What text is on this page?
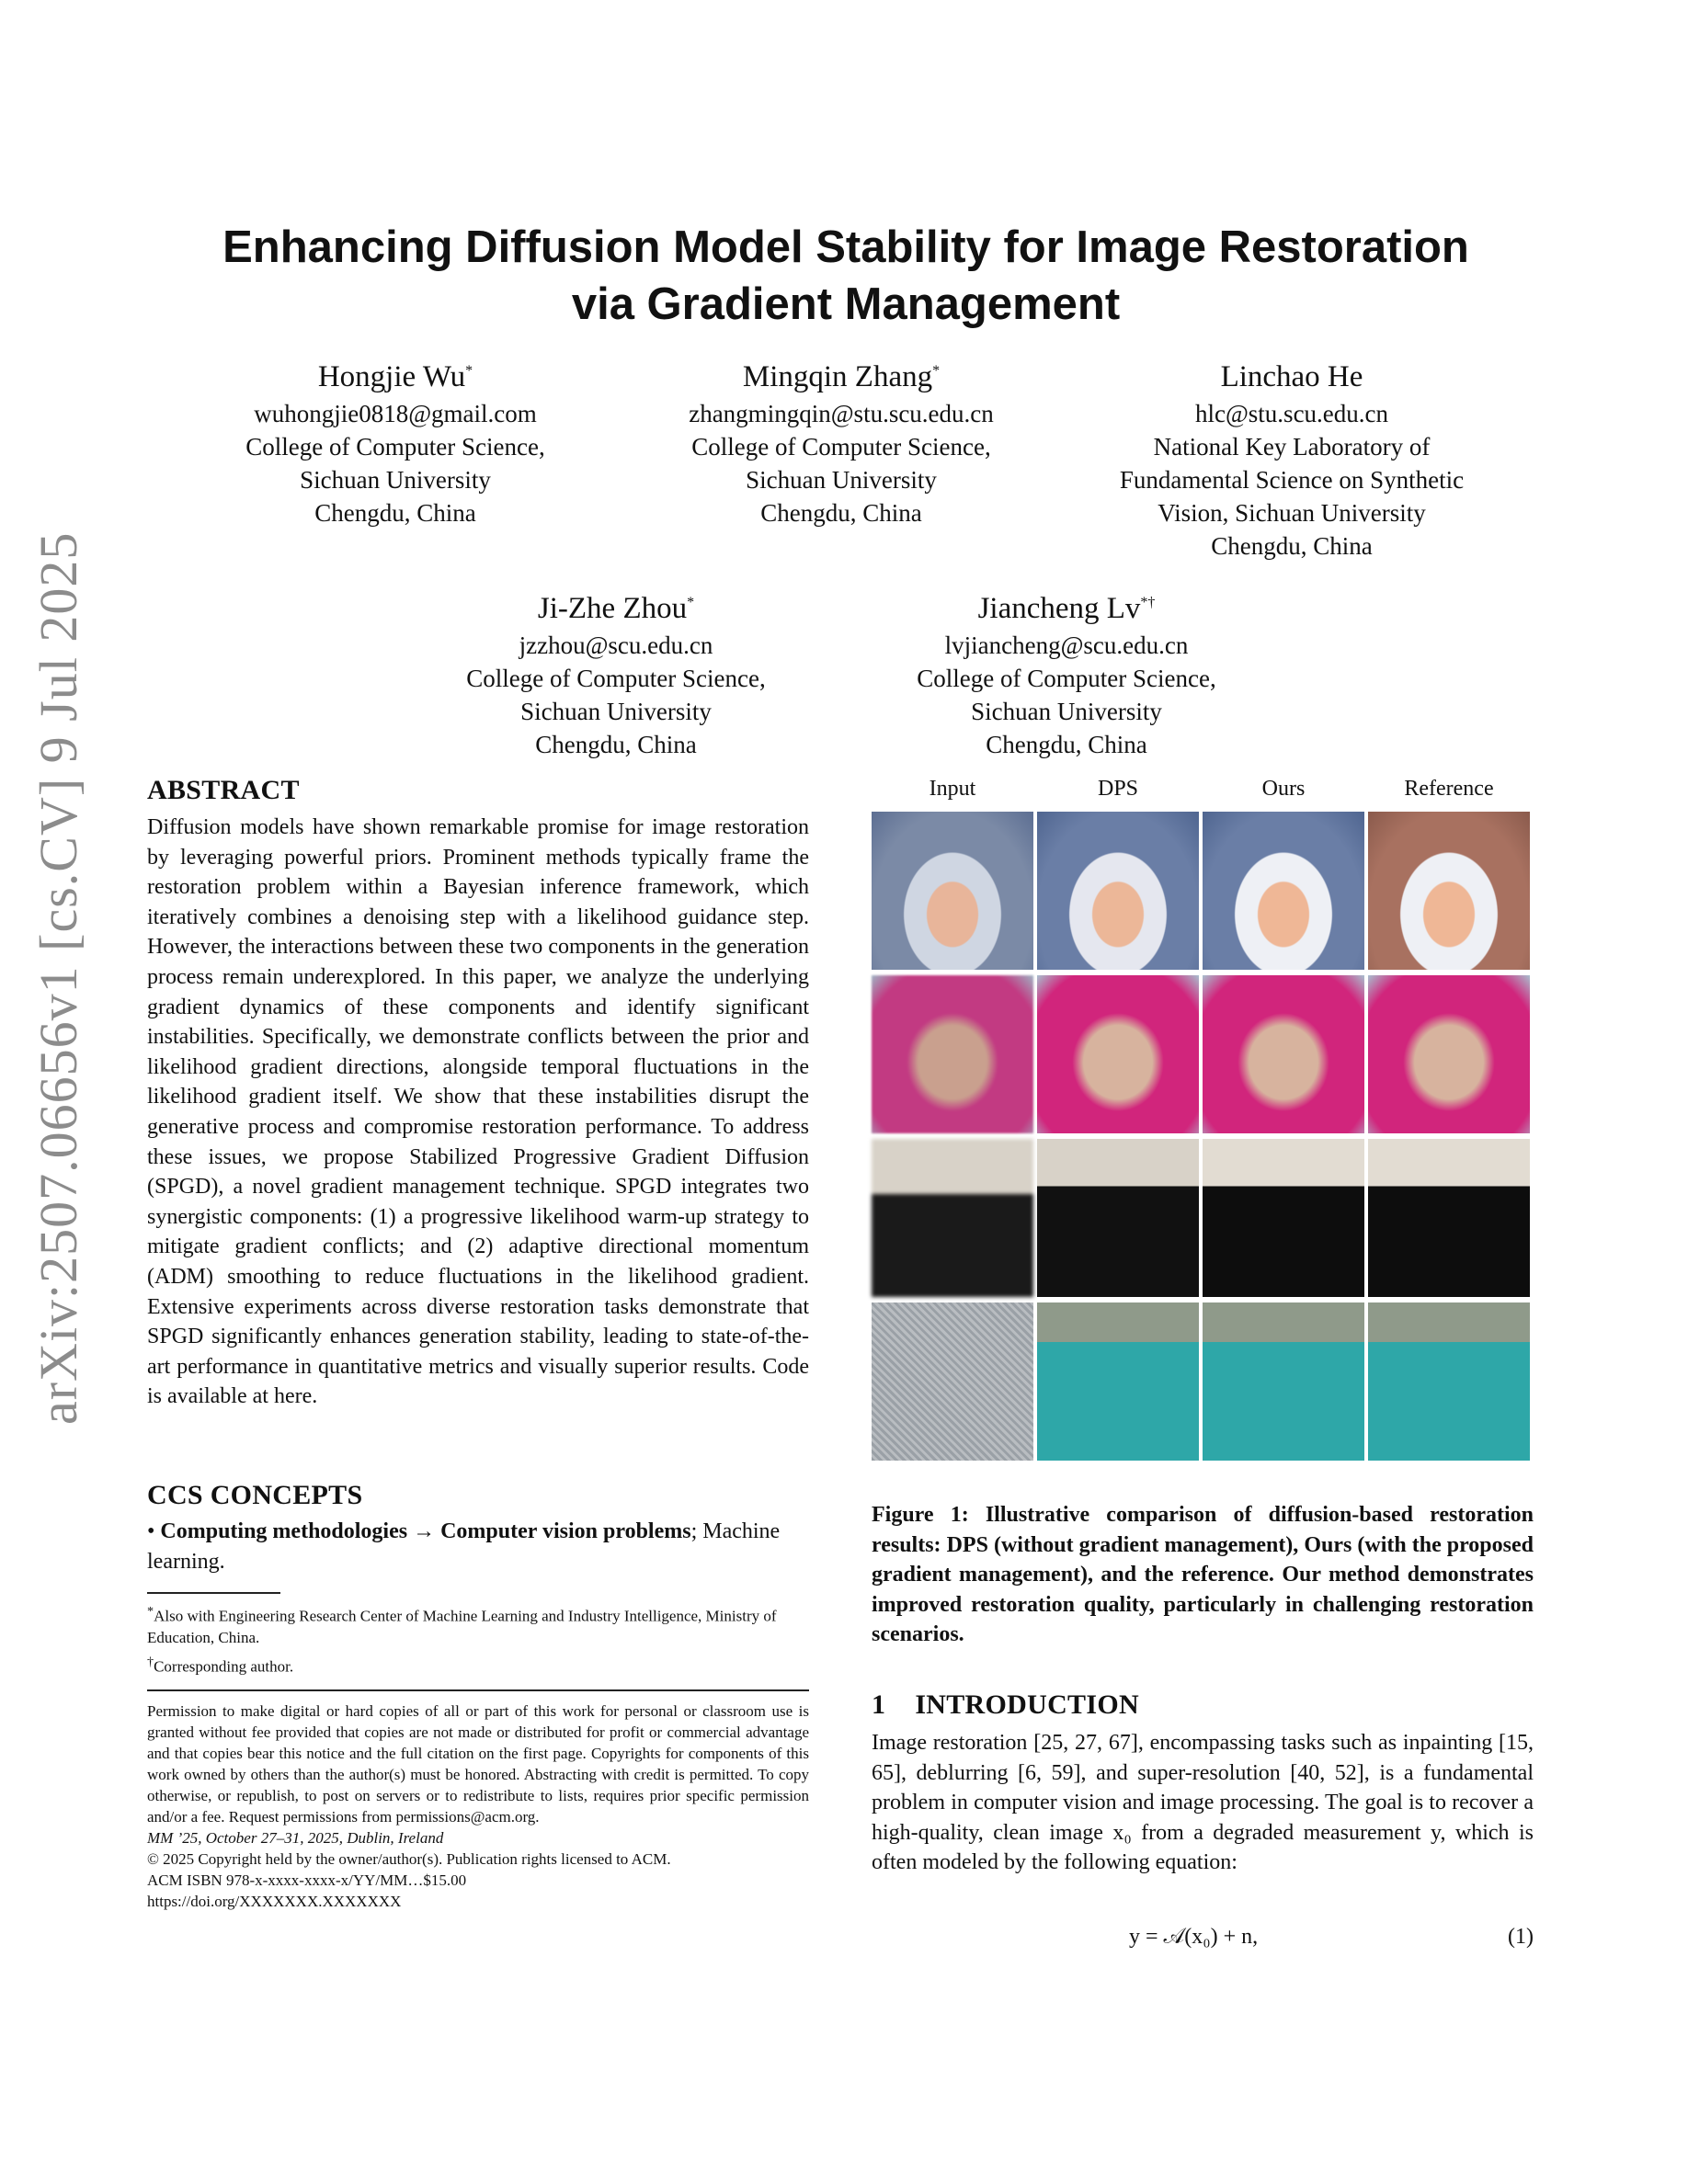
arXiv:2507.06656v1 [cs.CV] 9 Jul 2025
Enhancing Diffusion Model Stability for Image Restoration
via Gradient Management
Hongjie Wu*
wuhongjie0818@gmail.com
College of Computer Science,
Sichuan University
Chengdu, China
Mingqin Zhang*
zhangmingqin@stu.scu.edu.cn
College of Computer Science,
Sichuan University
Chengdu, China
Linchao He
hlc@stu.scu.edu.cn
National Key Laboratory of
Fundamental Science on Synthetic
Vision, Sichuan University
Chengdu, China
Ji-Zhe Zhou*
jzzhou@scu.edu.cn
College of Computer Science,
Sichuan University
Chengdu, China
Jiancheng Lv*†
lvjiancheng@scu.edu.cn
College of Computer Science,
Sichuan University
Chengdu, China
ABSTRACT
Diffusion models have shown remarkable promise for image restoration by leveraging powerful priors. Prominent methods typically frame the restoration problem within a Bayesian inference framework, which iteratively combines a denoising step with a likelihood guidance step. However, the interactions between these two components in the generation process remain underexplored. In this paper, we analyze the underlying gradient dynamics of these components and identify significant instabilities. Specifically, we demonstrate conflicts between the prior and likelihood gradient directions, alongside temporal fluctuations in the likelihood gradient itself. We show that these instabilities disrupt the generative process and compromise restoration performance. To address these issues, we propose Stabilized Progressive Gradient Diffusion (SPGD), a novel gradient management technique. SPGD integrates two synergistic components: (1) a progressive likelihood warm-up strategy to mitigate gradient conflicts; and (2) adaptive directional momentum (ADM) smoothing to reduce fluctuations in the likelihood gradient. Extensive experiments across diverse restoration tasks demonstrate that SPGD significantly enhances generation stability, leading to state-of-the-art performance in quantitative metrics and visually superior results. Code is available at here.
CCS CONCEPTS
• Computing methodologies → Computer vision problems; Machine learning.
*Also with Engineering Research Center of Machine Learning and Industry Intelligence, Ministry of Education, China.
†Corresponding author.
Permission to make digital or hard copies of all or part of this work for personal or classroom use is granted without fee provided that copies are not made or distributed for profit or commercial advantage and that copies bear this notice and the full citation on the first page. Copyrights for components of this work owned by others than the author(s) must be honored. Abstracting with credit is permitted. To copy otherwise, or republish, to post on servers or to redistribute to lists, requires prior specific permission and/or a fee. Request permissions from permissions@acm.org.
MM ’25, October 27–31, 2025, Dublin, Ireland
© 2025 Copyright held by the owner/author(s). Publication rights licensed to ACM.
ACM ISBN 978-x-xxxx-xxxx-x/YY/MM…$15.00
https://doi.org/XXXXXXX.XXXXXXX
Input	DPS	Ours	Reference
Figure 1: Illustrative comparison of diffusion-based restoration results: DPS (without gradient management), Ours (with the proposed gradient management), and the reference. Our method demonstrates improved restoration quality, particularly in challenging restoration scenarios.
1 INTRODUCTION
Image restoration [25, 27, 67], encompassing tasks such as inpainting [15, 65], deblurring [6, 59], and super-resolution [40, 52], is a fundamental problem in computer vision and image processing. The goal is to recover a high-quality, clean image x₀ from a degraded measurement y, which is often modeled by the following equation:
y = 𝒜(x₀) + n,	(1)
